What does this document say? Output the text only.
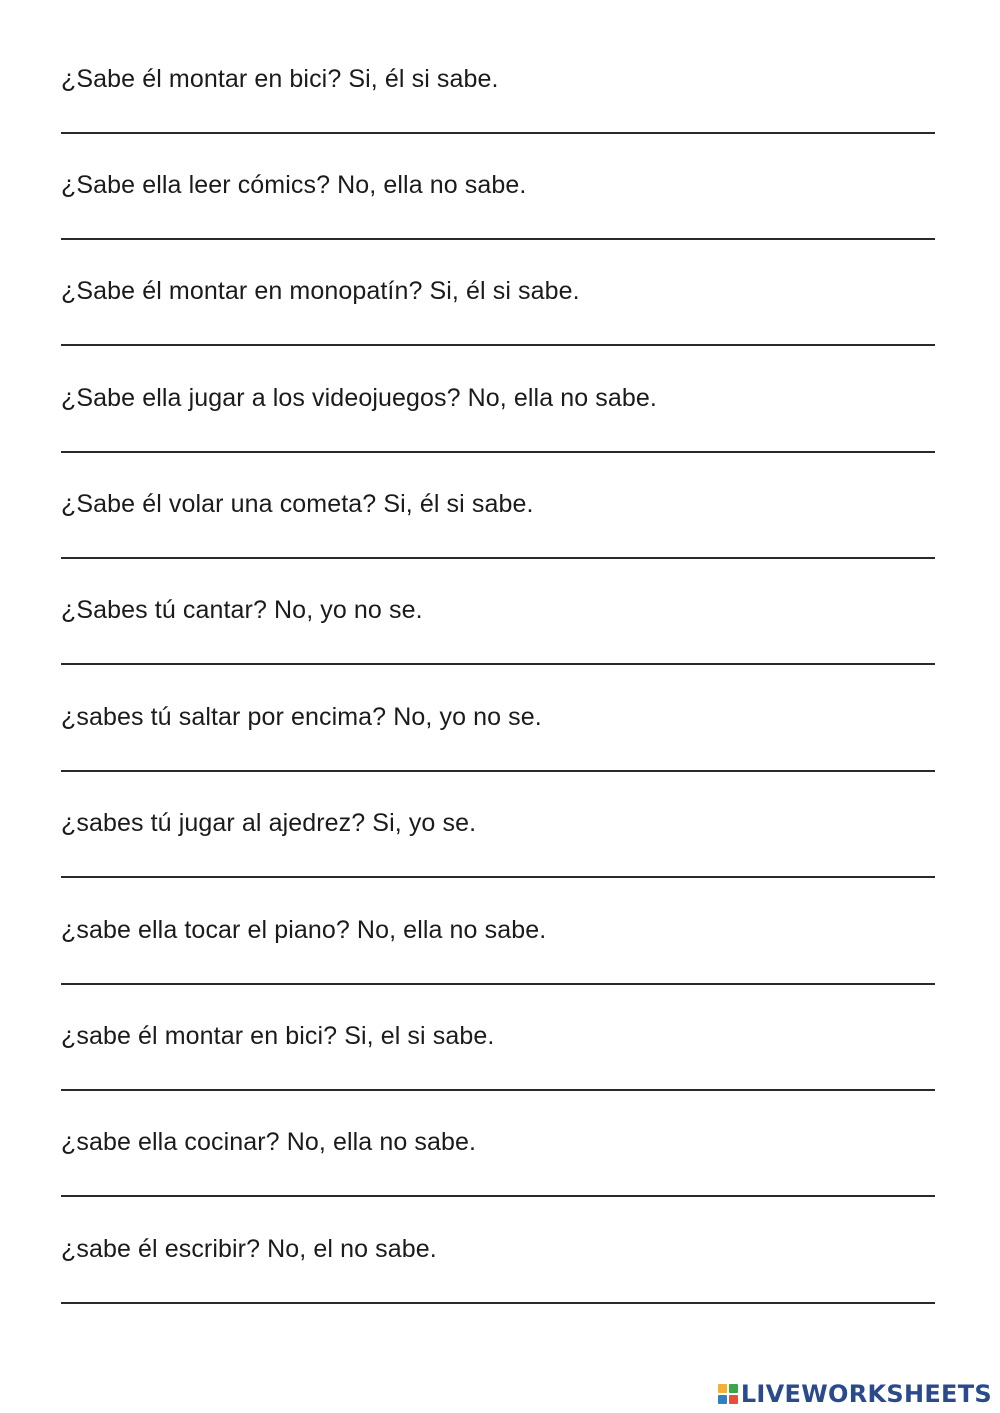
¿Sabe él montar en bici? Si, él si sabe.
¿Sabe ella leer cómics? No, ella no sabe.
¿Sabe él montar en monopatín? Si, él si sabe.
¿Sabe ella jugar a los videojuegos? No, ella no sabe.
¿Sabe él volar una cometa? Si, él si sabe.
¿Sabes tú cantar? No, yo no se.
¿sabes tú saltar por encima? No, yo no se.
¿sabes tú jugar al ajedrez? Si, yo se.
¿sabe ella tocar el piano? No, ella no sabe.
¿sabe él montar en bici? Si, el si sabe.
¿sabe ella cocinar? No, ella no sabe.
¿sabe él escribir? No, el no sabe.
LIVEWORKSHEETS
